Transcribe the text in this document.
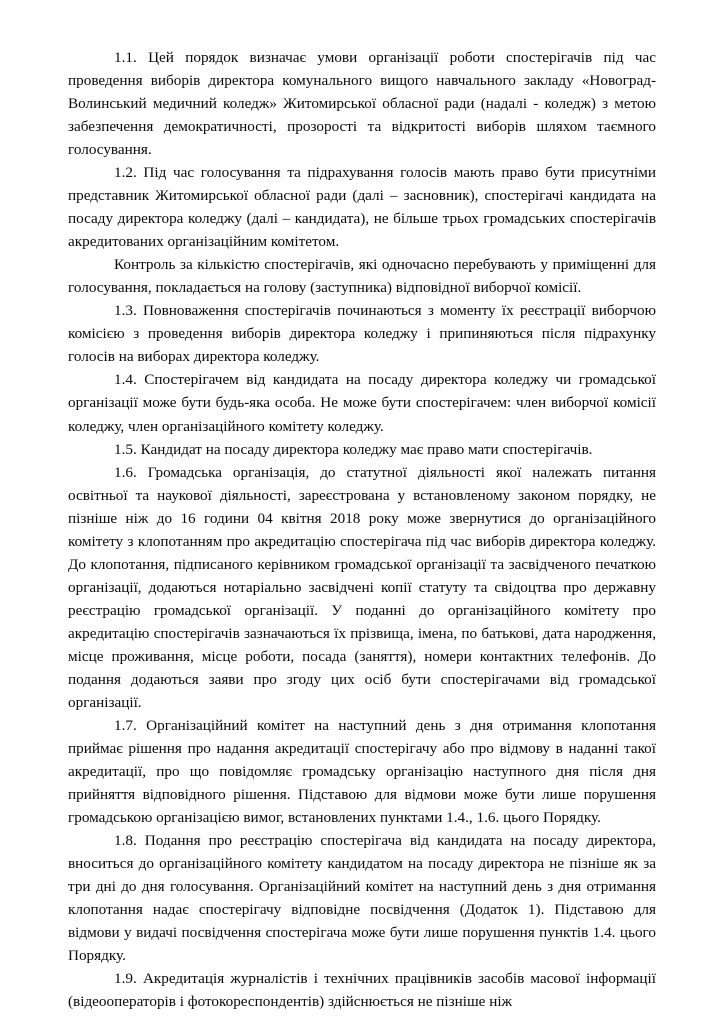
1.1. Цей порядок визначає умови організації роботи спостерігачів під час проведення виборів директора комунального вищого навчального закладу «Новоград-Волинський медичний коледж» Житомирської обласної ради (надалі - коледж) з метою забезпечення демократичності, прозорості та відкритості виборів шляхом таємного голосування.

1.2. Під час голосування та підрахування голосів мають право бути присутніми представник Житомирської обласної ради (далі – засновник), спостерігачі кандидата на посаду директора коледжу (далі – кандидата), не більше трьох громадських спостерігачів акредитованих організаційним комітетом.

Контроль за кількістю спостерігачів, які одночасно перебувають у приміщенні для голосування, покладається на голову (заступника) відповідної виборчої комісії.

1.3. Повноваження спостерігачів починаються з моменту їх реєстрації виборчою комісією з проведення виборів директора коледжу і припиняються після підрахунку голосів на виборах директора коледжу.

1.4. Спостерігачем від кандидата на посаду директора коледжу чи громадської організації може бути будь-яка особа. Не може бути спостерігачем: член виборчої комісії коледжу, член організаційного комітету коледжу.

1.5. Кандидат на посаду директора коледжу має право мати спостерігачів.

1.6. Громадська організація, до статутної діяльності якої належать питання освітньої та наукової діяльності, зареєстрована у встановленому законом порядку, не пізніше ніж до 16 години 04 квітня 2018 року може звернутися до організаційного комітету з клопотанням про акредитацію спостерігача під час виборів директора коледжу. До клопотання, підписаного керівником громадської організації та засвідченого печаткою організації, додаються нотаріально засвідчені копії статуту та свідоцтва про державну реєстрацію громадської організації. У поданні до організаційного комітету про акредитацію спостерігачів зазначаються їх прізвища, імена, по батькові, дата народження, місце проживання, місце роботи, посада (заняття), номери контактних телефонів. До подання додаються заяви про згоду цих осіб бути спостерігачами від громадської організації.

1.7. Організаційний комітет на наступний день з дня отримання клопотання приймає рішення про надання акредитації спостерігачу або про відмову в наданні такої акредитації, про що повідомляє громадську організацію наступного дня після дня прийняття відповідного рішення. Підставою для відмови може бути лише порушення громадською організацією вимог, встановлених пунктами 1.4., 1.6. цього Порядку.

1.8. Подання про реєстрацію спостерігача від кандидата на посаду директора, вноситься до організаційного комітету кандидатом на посаду директора не пізніше як за три дні до дня голосування. Організаційний комітет на наступний день з дня отримання клопотання надає спостерігачу відповідне посвідчення (Додаток 1). Підставою для відмови у видачі посвідчення спостерігача може бути лише порушення пунктів 1.4. цього Порядку.

1.9. Акредитація журналістів і технічних працівників засобів масової інформації (відеооператорів і фотокореспондентів) здійснюється не пізніше ніж
